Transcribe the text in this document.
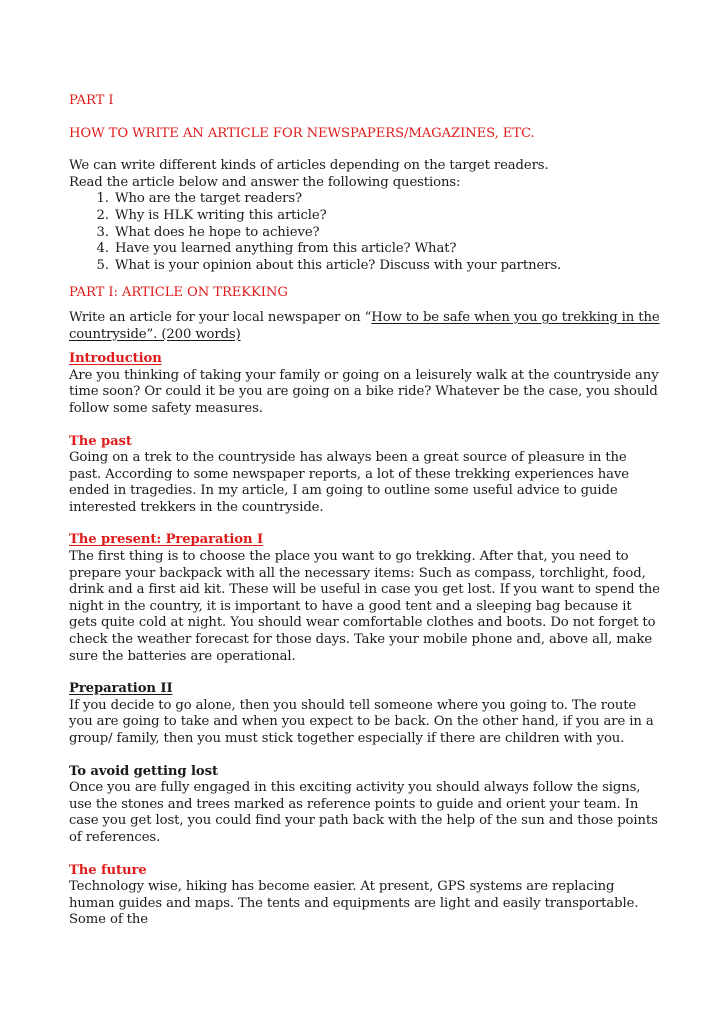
PART I

HOW TO WRITE AN ARTICLE FOR NEWSPAPERS/MAGAZINES, ETC.

We can write different kinds of articles depending on the target readers.

Read the article below and answer the following questions:

1. Who are the target readers?
2. Why is HLK writing this article?
3. What does he hope to achieve?
4. Have you learned anything from this article? What?
5. What is your opinion about this article? Discuss with your partners.

PART I: ARTICLE ON TREKKING

Write an article for your local newspaper on “How to be safe when you go trekking in the countryside”. (200 words)

Introduction

Are you thinking of taking your family or going on a leisurely walk at the countryside any time soon? Or could it be you are going on a bike ride? Whatever be the case, you should follow some safety measures.

The past

Going on a trek to the countryside has always been a great source of pleasure in the past. According to some newspaper reports, a lot of these trekking experiences have ended in tragedies. In my article, I am going to outline some useful advice to guide interested trekkers in the countryside.

The present: Preparation I

The first thing is to choose the place you want to go trekking. After that, you need to prepare your backpack with all the necessary items: Such as compass, torchlight, food, drink and a first aid kit. These will be useful in case you get lost. If you want to spend the night in the country, it is important to have a good tent and a sleeping bag because it gets quite cold at night. You should wear comfortable clothes and boots. Do not forget to check the weather forecast for those days. Take your mobile phone and, above all, make sure the batteries are operational.

Preparation II

If you decide to go alone, then you should tell someone where you going to. The route you are going to take and when you expect to be back. On the other hand, if you are in a group/ family, then you must stick together especially if there are children with you.

To avoid getting lost

Once you are fully engaged in this exciting activity you should always follow the signs, use the stones and trees marked as reference points to guide and orient your team. In case you get lost, you could find your path back with the help of the sun and those points of references.

The future

Technology wise, hiking has become easier. At present, GPS systems are replacing human guides and maps. The tents and equipments are light and easily transportable. Some of the
